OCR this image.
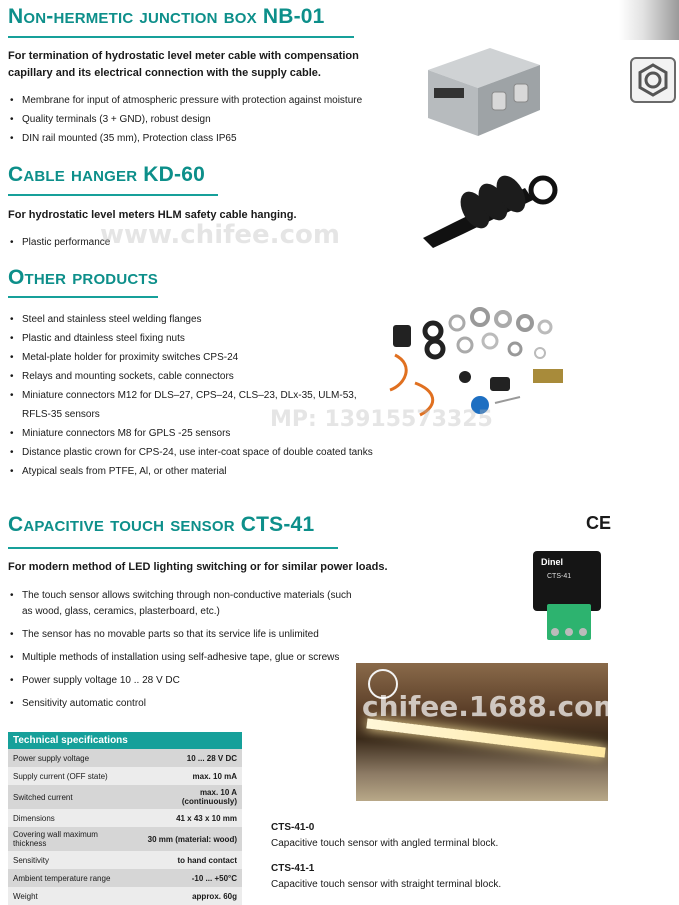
Non-hermetic junction box NB-01

For termination of hydrostatic level meter cable with compensation capillary and its electrical connection with the supply cable.

• Membrane for input of atmospheric pressure with protection against moisture
• Quality terminals (3 + GND), robust design
• DIN rail mounted (35 mm), Protection class IP65
Cable hanger KD-60

For hydrostatic level meters HLM safety cable hanging.

• Plastic performance
Other products
• Steel and stainless steel welding flanges
• Plastic and dtainless steel fixing nuts
• Metal-plate holder for proximity switches CPS-24
• Relays and mounting sockets, cable connectors
• Miniature connectors M12 for DLS–27, CPS–24, CLS–23, DLx-35, ULM-53, RFLS-35 sensors
• Miniature connectors M8 for GPLS -25 sensors
• Distance plastic crown for CPS-24, use inter-coat space of double coated tanks
• Atypical seals from PTFE, Al, or other material
Capacitive touch sensor CTS-41	CE

For modern method of LED lighting switching or for similar power loads.

• The touch sensor allows switching through non-conductive materials (such as wood, glass, ceramics, plasterboard, etc.)
• The sensor has no movable parts so that its service life is unlimited
• Multiple methods of installation using self-adhesive tape, glue or screws
• Power supply voltage 10 .. 28 V DC
• Sensitivity automatic control
Dinel
CTS-41
Technical specifications	
Power supply voltage	10 ... 28 V DC
Supply current (OFF state)	max. 10 mA
Switched current	max. 10 A (continuously)
Dimensions	41 x 43 x 10 mm
Covering wall maximum thickness	30 mm (material: wood)
Sensitivity	to hand contact
Ambient temperature range	-10 ... +50°C
Weight	approx. 60g
CTS-41-0
Capacitive touch sensor with angled terminal block.
CTS-41-1
Capacitive touch sensor with straight terminal block.
www.chifee.com
MP: 13915573325
chifee.1688.com
